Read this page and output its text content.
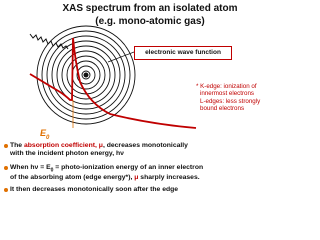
XAS spectrum from an isolated atom
(e.g. mono-atomic gas)
electronic wave function
$E_0$
* K-edge: ionization of
innermost electrons
L-edges: less strongly
bound electrons
The absorption coefficient, μ, decreases monotonically
with the incident photon energy, hν
When $h\nu = E_0$ = photo-ionization energy of an inner electron
of the absorbing atom (edge energy*), μ sharply increases.
It then decreases monotonically soon after the edge
